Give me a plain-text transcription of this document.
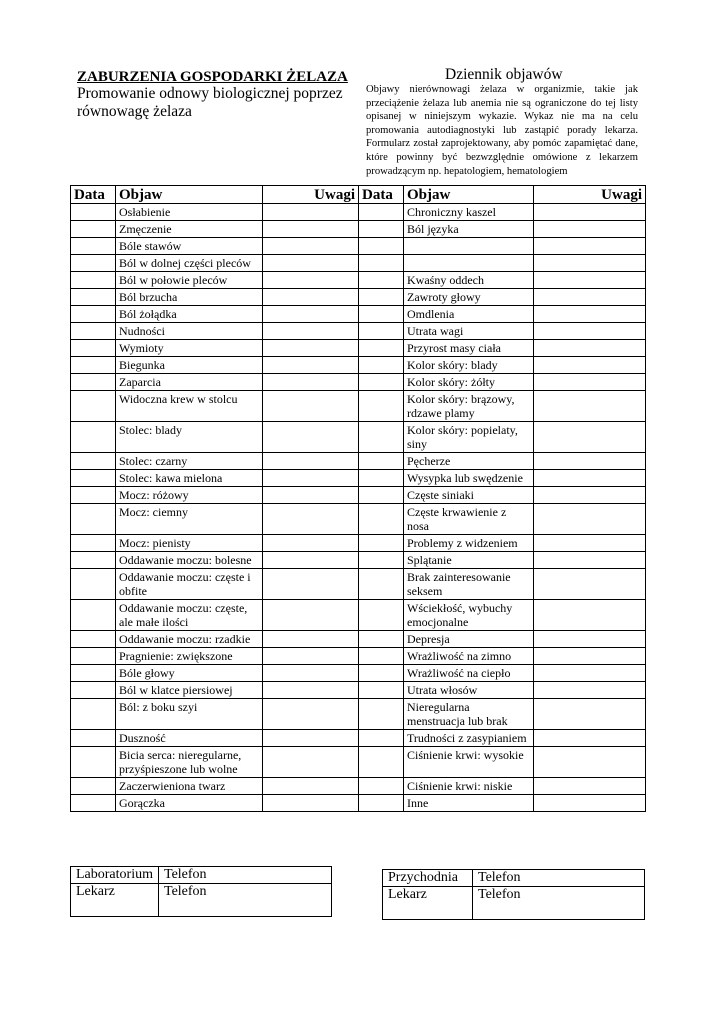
ZABURZENIA GOSPODARKI ŻELAZA
Promowanie odnowy biologicznej poprzez równowagę żelaza
Dziennik objawów
Objawy nierównowagi żelaza w organizmie, takie jak przeciążenie żelaza lub anemia nie są ograniczone do tej listy opisanej w niniejszym wykazie. Wykaz nie ma na celu promowania autodiagnostyki lub zastąpić porady lekarza. Formularz został zaprojektowany, aby pomóc zapamiętać dane, które powinny być bezwzględnie omówione z lekarzem prowadzącym np. hepatologiem, hematologiem
Data	Objaw	Uwagi	Data	Objaw	Uwagi
	Osłabienie			Chroniczny kaszel	
	Zmęczenie			Ból języka	
	Bóle stawów				
	Ból w dolnej części pleców				
	Ból w połowie pleców			Kwaśny oddech	
	Ból brzucha			Zawroty głowy	
	Ból żołądka			Omdlenia	
	Nudności			Utrata wagi	
	Wymioty			Przyrost masy ciała	
	Biegunka			Kolor skóry: blady	
	Zaparcia			Kolor skóry: żółty	
	Widoczna krew w stolcu			Kolor skóry: brązowy, rdzawe plamy	
	Stolec: blady			Kolor skóry: popielaty, siny	
	Stolec: czarny			Pęcherze	
	Stolec: kawa mielona			Wysypka lub swędzenie	
	Mocz: różowy			Częste siniaki	
	Mocz: ciemny			Częste krwawienie z nosa	
	Mocz: pienisty			Problemy z widzeniem	
	Oddawanie moczu: bolesne			Splątanie	
	Oddawanie moczu: częste i obfite			Brak zainteresowanie seksem	
	Oddawanie moczu: częste, ale małe ilości			Wściekłość, wybuchy emocjonalne	
	Oddawanie moczu: rzadkie			Depresja	
	Pragnienie: zwiększone			Wrażliwość na zimno	
	Bóle głowy			Wrażliwość na ciepło	
	Ból w klatce piersiowej			Utrata włosów	
	Ból: z boku szyi			Nieregularna menstruacja lub brak	
	Duszność			Trudności z zasypianiem	
	Bicia serca: nieregularne, przyśpieszone lub wolne			Ciśnienie krwi: wysokie	
	Zaczerwieniona twarz			Ciśnienie krwi: niskie	
	Gorączka			Inne	
Laboratorium	Telefon
Lekarz	Telefon
Przychodnia	Telefon
Lekarz	Telefon
